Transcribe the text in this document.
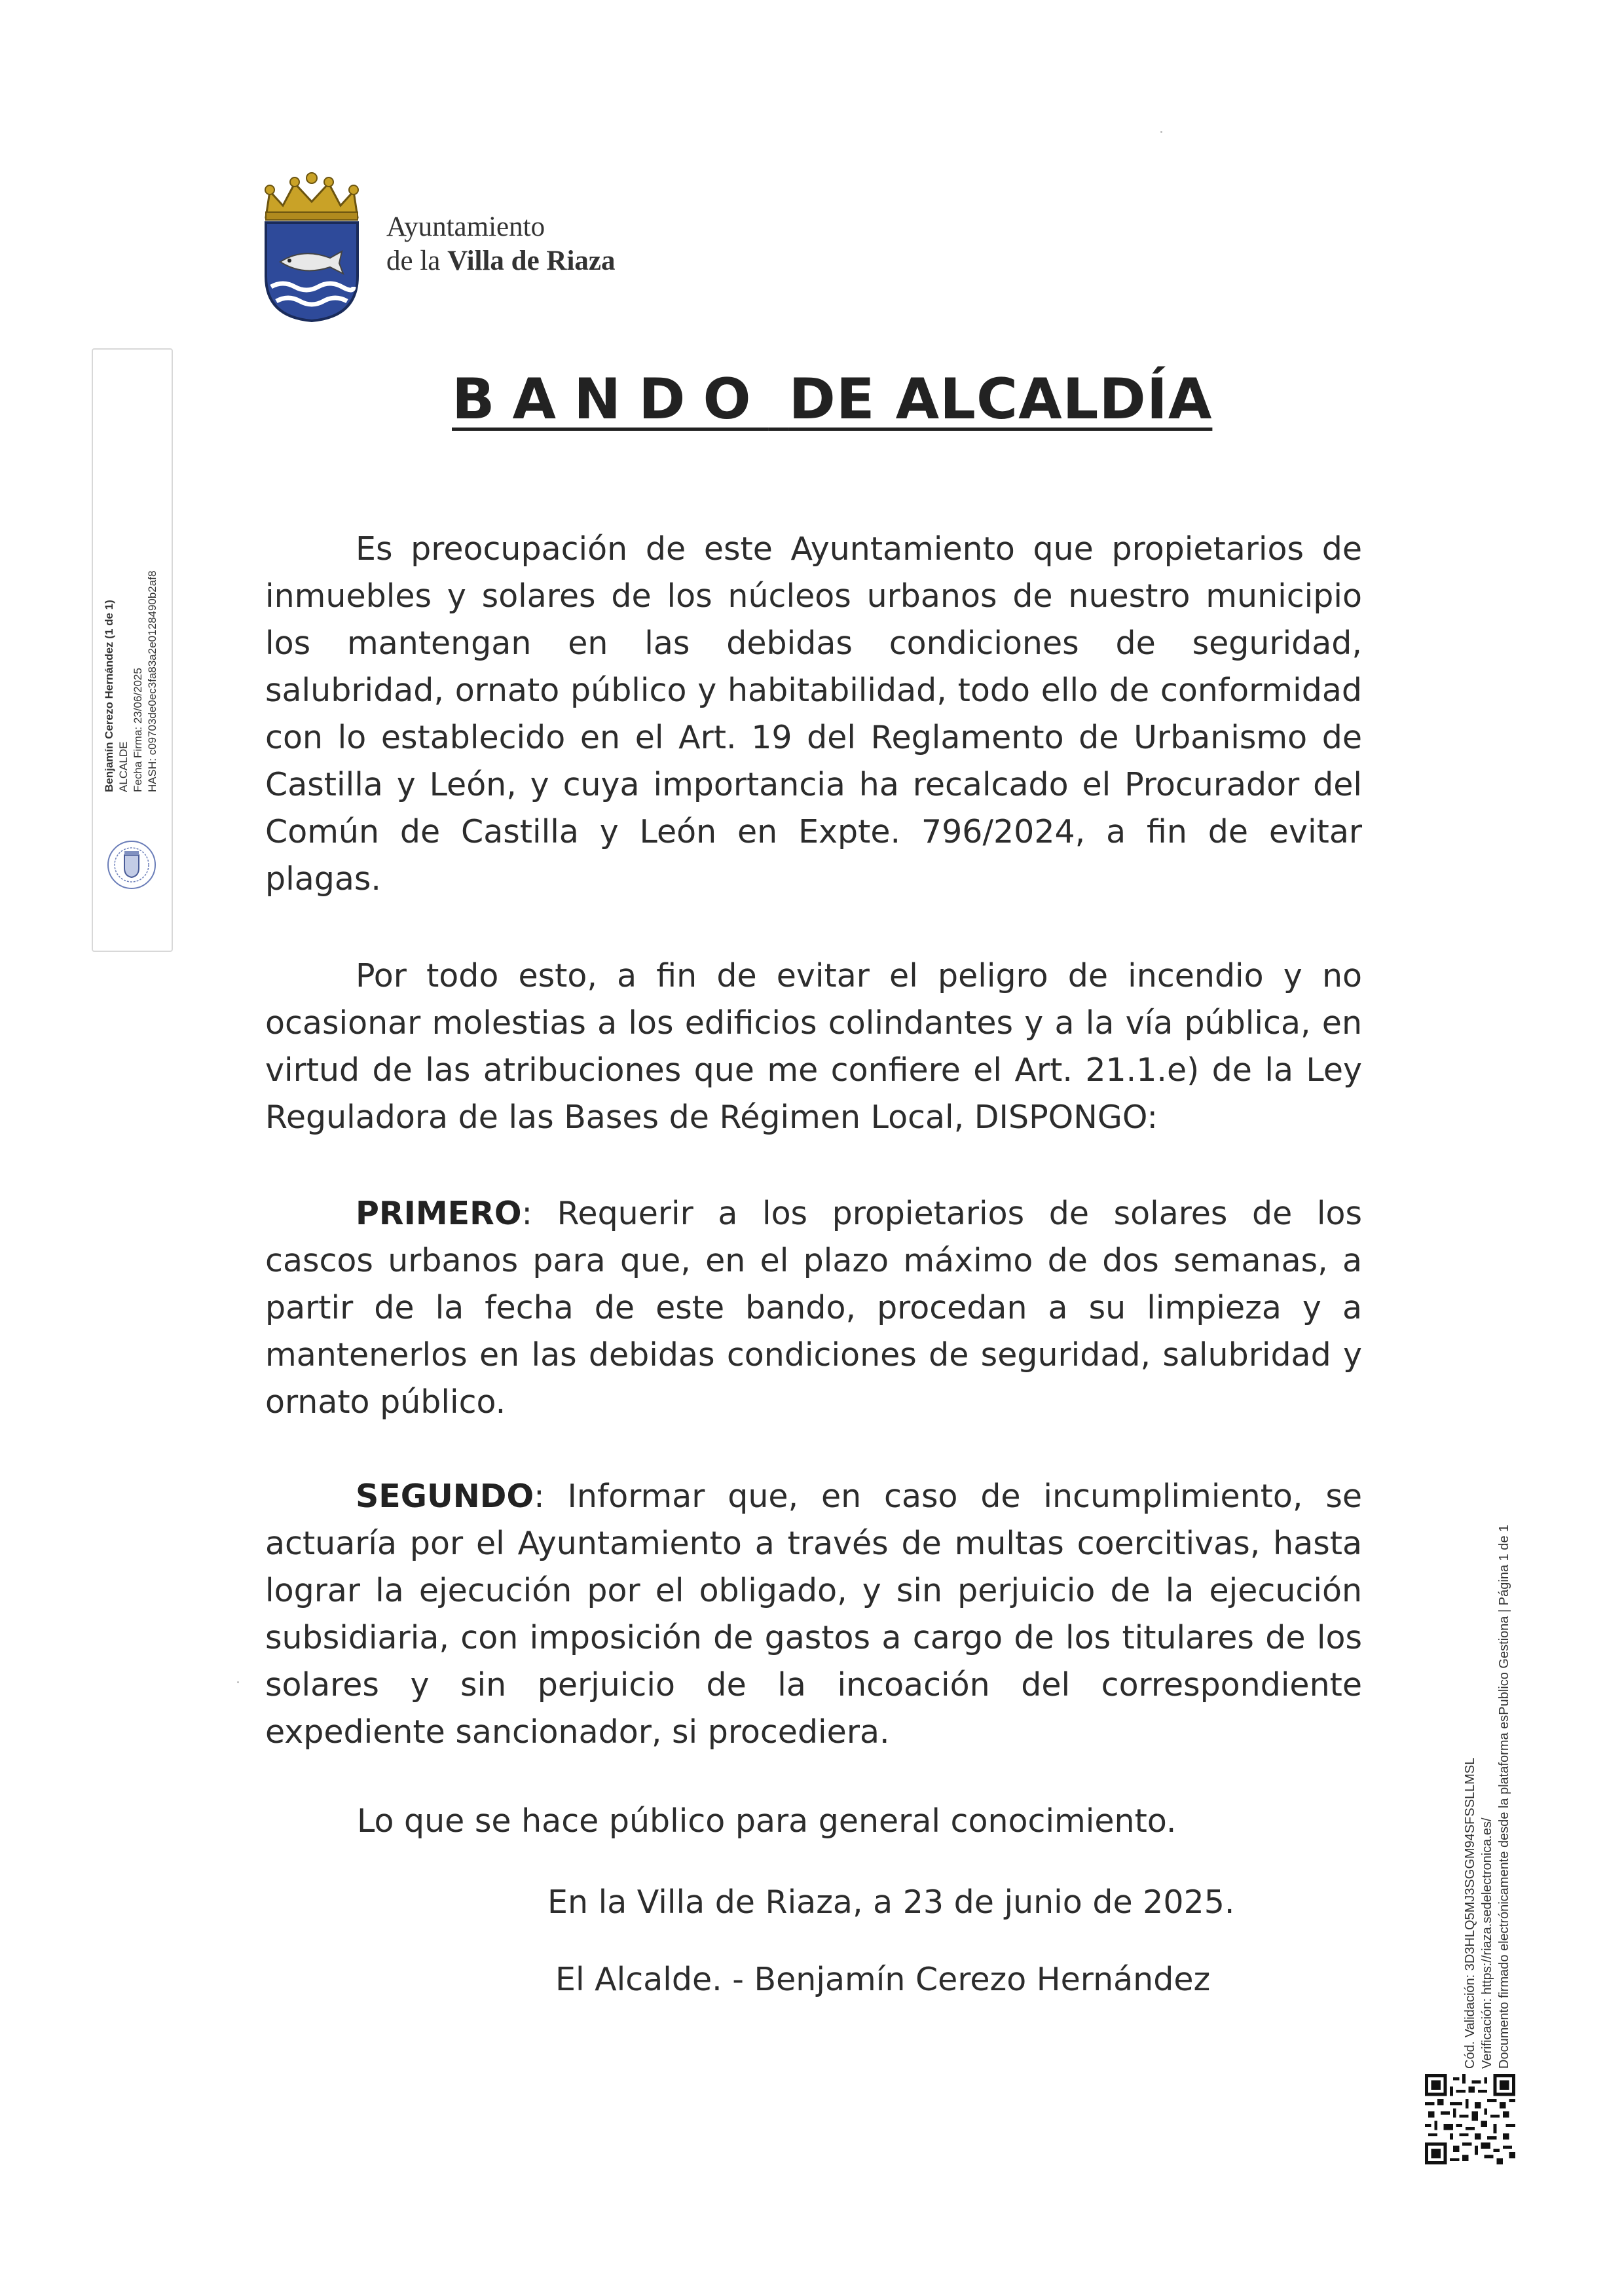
Ayuntamiento
de la Villa de Riaza
BANDO DE ALCALDÍA
Es preocupación de este Ayuntamiento que propietarios de inmuebles y solares de los núcleos urbanos de nuestro municipio los mantengan en las debidas condiciones de seguridad, salubridad, ornato público y habitabilidad, todo ello de conformidad con lo establecido en el Art. 19 del Reglamento de Urbanismo de Castilla y León, y cuya importancia ha recalcado el Procurador del Común de Castilla y León en Expte. 796/2024, a fin de evitar plagas.
Por todo esto, a fin de evitar el peligro de incendio y no ocasionar molestias a los edificios colindantes y a la vía pública, en virtud de las atribuciones que me confiere el Art. 21.1.e) de la Ley Reguladora de las Bases de Régimen Local, DISPONGO:
PRIMERO: Requerir a los propietarios de solares de los cascos urbanos para que, en el plazo máximo de dos semanas, a partir de la fecha de este bando, procedan a su limpieza y a mantenerlos en las debidas condiciones de seguridad, salubridad y ornato público.
SEGUNDO: Informar que, en caso de incumplimiento, se actuaría por el Ayuntamiento a través de multas coercitivas, hasta lograr la ejecución por el obligado, y sin perjuicio de la ejecución subsidiaria, con imposición de gastos a cargo de los titulares de los solares y sin perjuicio de la incoación del correspondiente expediente sancionador, si procediera.
Lo que se hace público para general conocimiento.
En la Villa de Riaza, a 23 de junio de 2025.
El Alcalde. - Benjamín Cerezo Hernández
Benjamín Cerezo Hernández (1 de 1) ALCALDE Fecha Firma: 23/06/2025 HASH: c09703de0ec3fa83a2e0128490b2af8
Cód. Validación: 3D3HLQ5MJ3SGGM94SFSSLLMSL Verificación: https://riaza.sedelectronica.es/ Documento firmado electrónicamente desde la plataforma esPublico Gestiona | Página 1 de 1
